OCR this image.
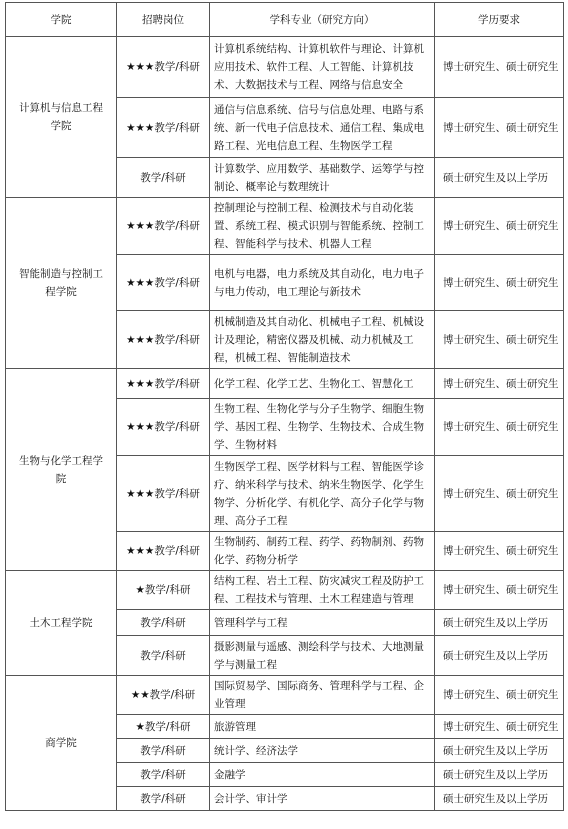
学院	招聘岗位	学科专业（研究方向）	学历要求
计算机与信息工程学院	★★★教学/科研	计算机系统结构、计算机软件与理论、计算机应用技术、软件工程、人工智能、计算机技术、大数据技术与工程、网络与信息安全	博士研究生、硕士研究生
	★★★教学/科研	通信与信息系统、信号与信息处理、电路与系统、新一代电子信息技术、通信工程、集成电路工程、光电信息工程、生物医学工程	博士研究生、硕士研究生
	教学/科研	计算数学、应用数学、基础数学、运筹学与控制论、概率论与数理统计	硕士研究生及以上学历
智能制造与控制工程学院	★★★教学/科研	控制理论与控制工程、检测技术与自动化装置、系统工程、模式识别与智能系统、控制工程、智能科学与技术、机器人工程	博士研究生、硕士研究生
	★★★教学/科研	电机与电器，电力系统及其自动化，电力电子与电力传动，电工理论与新技术	博士研究生、硕士研究生
	★★★教学/科研	机械制造及其自动化、机械电子工程、机械设计及理论，精密仪器及机械、动力机械及工程，机械工程、智能制造技术	博士研究生、硕士研究生
生物与化学工程学院	★★★教学/科研	化学工程、化学工艺、生物化工、智慧化工	博士研究生、硕士研究生
	★★★教学/科研	生物工程、生物化学与分子生物学、细胞生物学、基因工程、生物学、生物技术、合成生物学、生物材料	博士研究生、硕士研究生
	★★★教学/科研	生物医学工程、医学材料与工程、智能医学诊疗、纳米科学与技术、纳米生物医学、化学生物学、分析化学、有机化学、高分子化学与物理、高分子工程	博士研究生、硕士研究生
	★★★教学/科研	生物制药、制药工程、药学、药物制剂、药物化学、药物分析学	博士研究生、硕士研究生
土木工程学院	★教学/科研	结构工程、岩土工程、防灾减灾工程及防护工程、工程技术与管理、土木工程建造与管理	博士研究生、硕士研究生
	教学/科研	管理科学与工程	硕士研究生及以上学历
	教学/科研	摄影测量与遥感、测绘科学与技术、大地测量学与测量工程	硕士研究生及以上学历
商学院	★★教学/科研	国际贸易学、国际商务、管理科学与工程、企业管理	博士研究生、硕士研究生
	★教学/科研	旅游管理	博士研究生、硕士研究生
	教学/科研	统计学、经济法学	硕士研究生及以上学历
	教学/科研	金融学	硕士研究生及以上学历
	教学/科研	会计学、审计学	硕士研究生及以上学历
